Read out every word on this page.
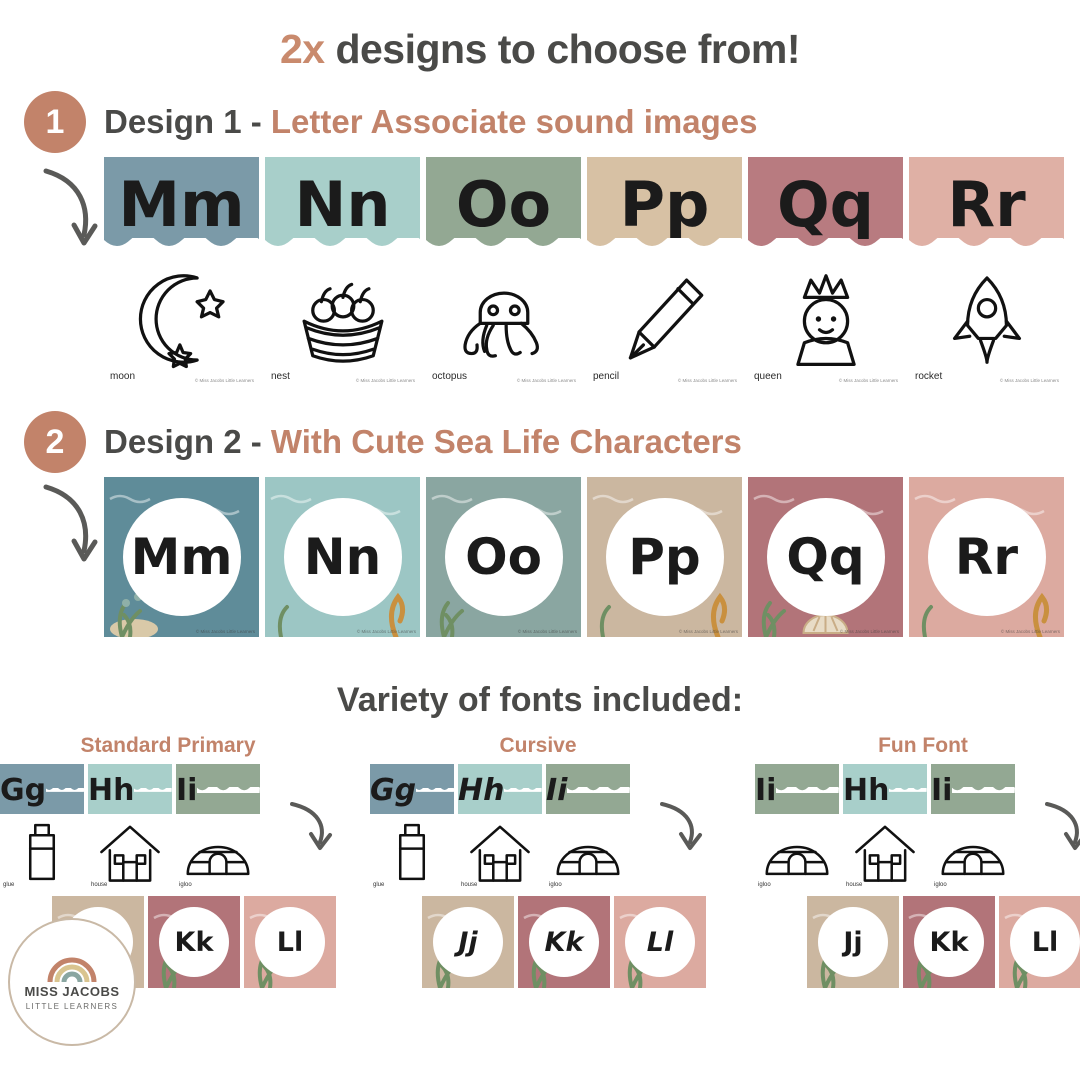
2x designs to choose from!
1	Design 1 - Letter Associate sound images
Mm
moon	© Miss Jacobs Little Learners
Nn
nest	© Miss Jacobs Little Learners
Oo
octopus	© Miss Jacobs Little Learners
Pp
pencil	© Miss Jacobs Little Learners
Qq
queen	© Miss Jacobs Little Learners
Rr
rocket	© Miss Jacobs Little Learners
2	Design 2 - With Cute Sea Life Characters
Mm
© Miss Jacobs Little Learners
Nn
© Miss Jacobs Little Learners
Oo
© Miss Jacobs Little Learners
Pp
© Miss Jacobs Little Learners
Qq
© Miss Jacobs Little Learners
Rr
© Miss Jacobs Little Learners
Variety of fonts included:
Standard Primary
Gg
glue
Hh
house
Ii
igloo
Kk Ll
Cursive
Gg
glue
Hh
house
Ii
igloo
Jj Kk Ll
Fun Font
Ii
igloo
Hh
house
Ii
igloo
Jj Kk Ll
MISS JACOBS
LITTLE LEARNERS
